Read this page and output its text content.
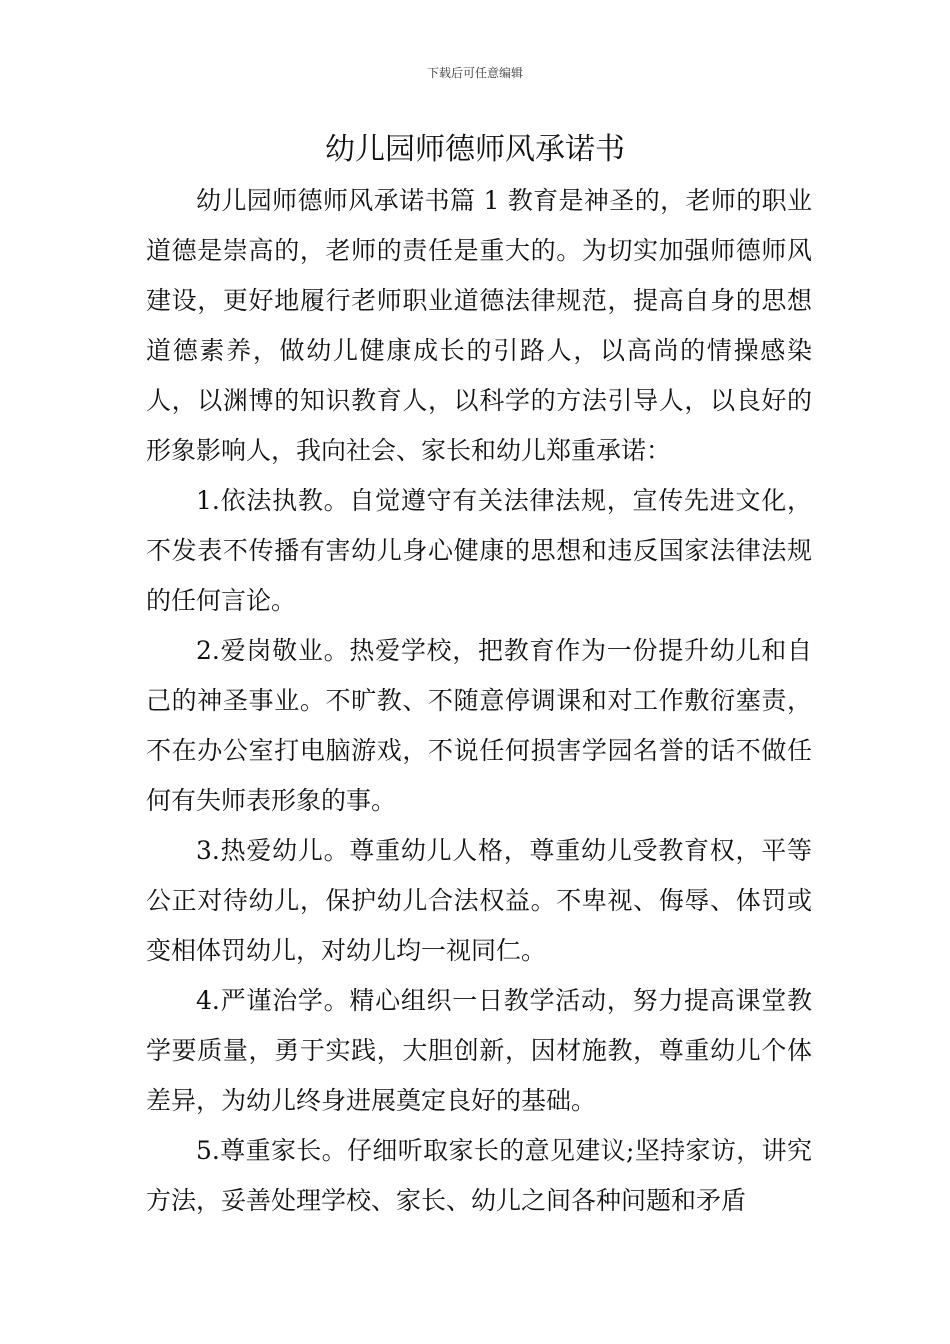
下载后可任意编辑
幼儿园师德师风承诺书

幼儿园师德师风承诺书篇 1 教育是神圣的，老师的职业道德是崇高的，老师的责任是重大的。为切实加强师德师风建设，更好地履行老师职业道德法律规范，提高自身的思想道德素养，做幼儿健康成长的引路人，以高尚的情操感染人，以渊博的知识教育人，以科学的方法引导人，以良好的形象影响人，我向社会、家长和幼儿郑重承诺：

1.依法执教。自觉遵守有关法律法规，宣传先进文化，不发表不传播有害幼儿身心健康的思想和违反国家法律法规的任何言论。

2.爱岗敬业。热爱学校，把教育作为一份提升幼儿和自己的神圣事业。不旷教、不随意停调课和对工作敷衍塞责，不在办公室打电脑游戏，不说任何损害学园名誉的话不做任何有失师表形象的事。

3.热爱幼儿。尊重幼儿人格，尊重幼儿受教育权，平等公正对待幼儿，保护幼儿合法权益。不卑视、侮辱、体罚或变相体罚幼儿，对幼儿均一视同仁。

4.严谨治学。精心组织一日教学活动，努力提高课堂教学要质量，勇于实践，大胆创新，因材施教，尊重幼儿个体差异，为幼儿终身进展奠定良好的基础。

5.尊重家长。仔细听取家长的意见建议;坚持家访，讲究方法，妥善处理学校、家长、幼儿之间各种问题和矛盾
